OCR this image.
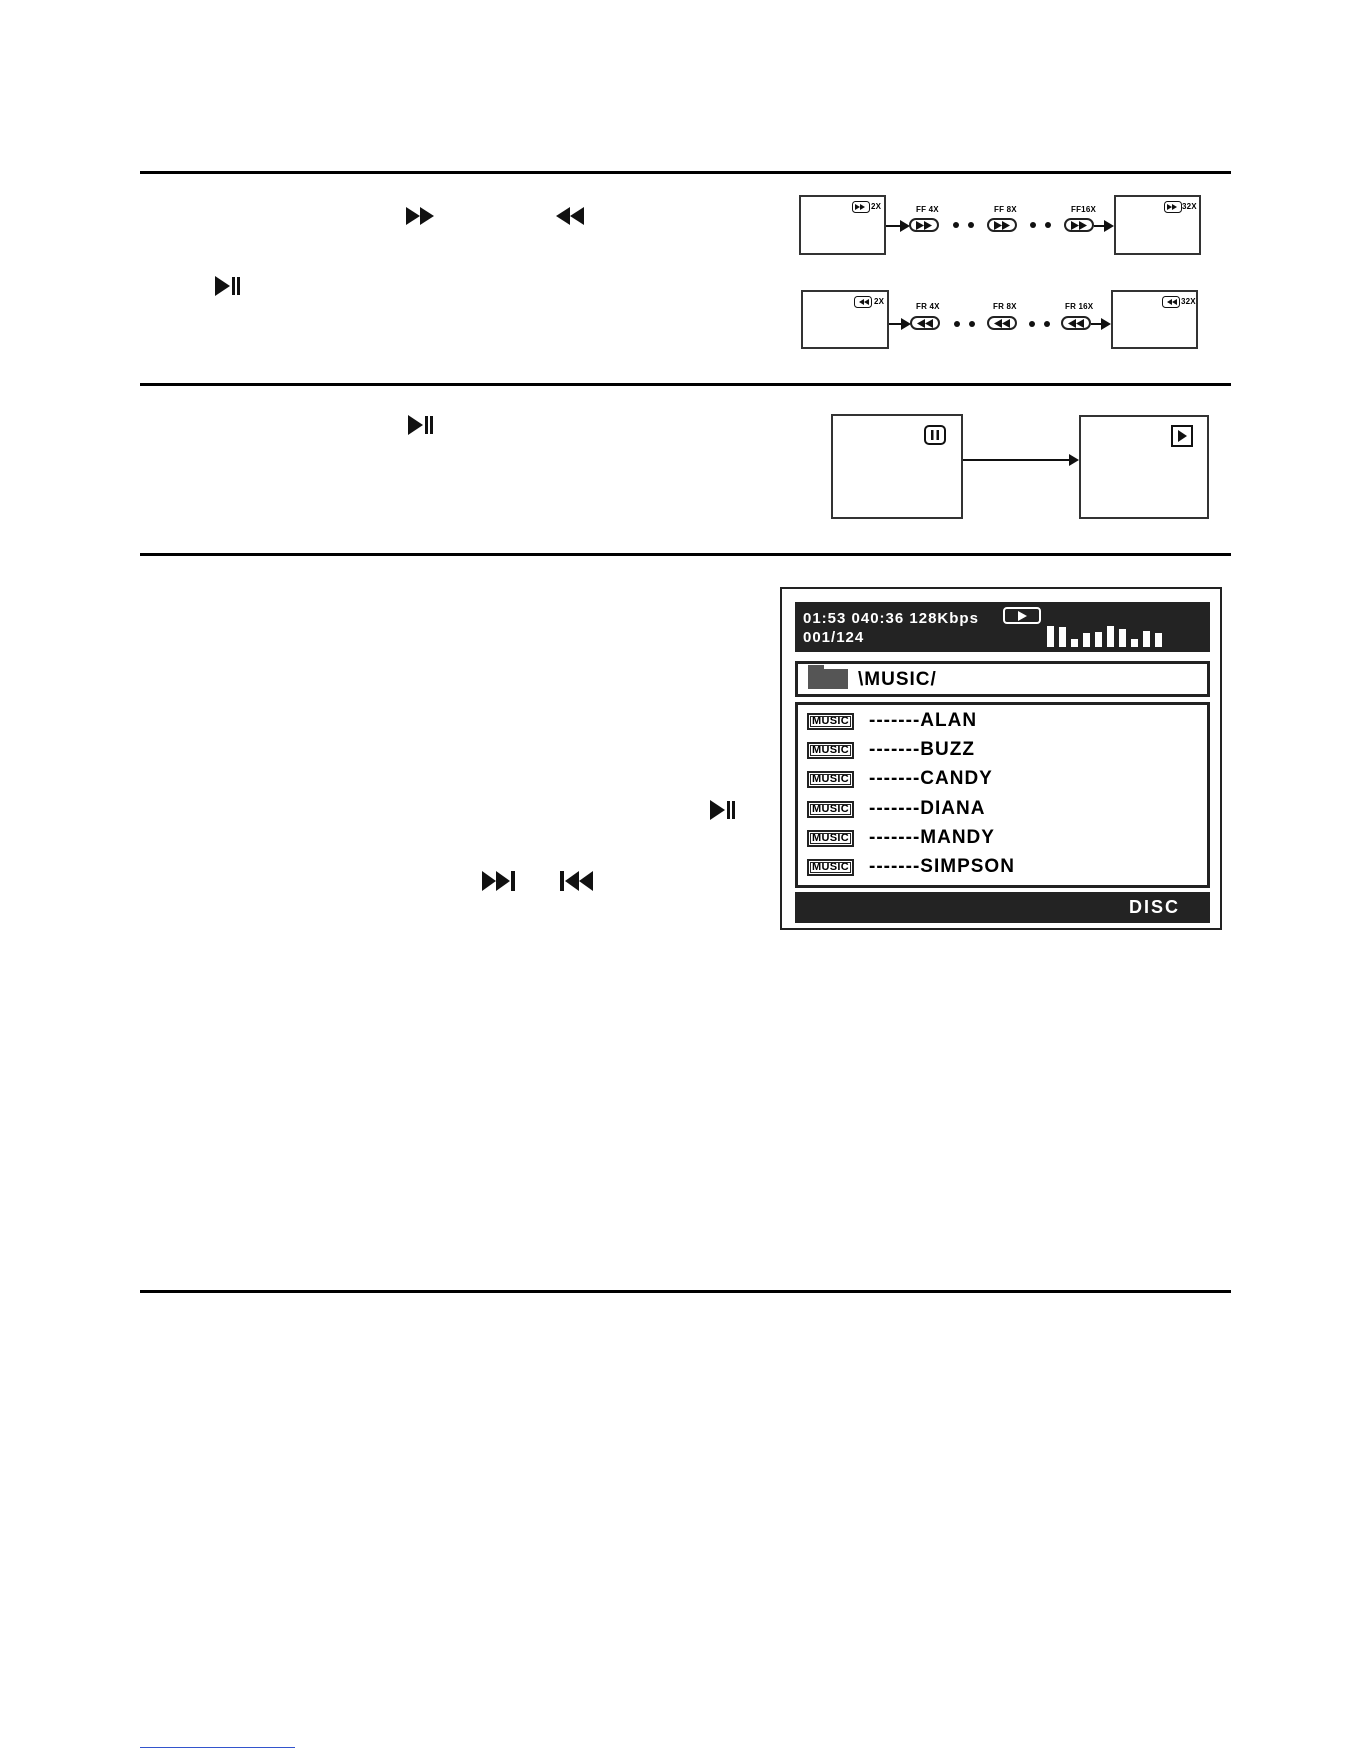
2X	FF 4X	FF 8X	FF16X	32X
2X
FR 4X	FR 8X	FR 16X
32X
01:53 040:36 128Kbps
001/124
\MUSIC/
MUSIC -------ALAN
MUSIC -------BUZZ
MUSIC -------CANDY
MUSIC -------DIANA
MUSIC -------MANDY
MUSIC -------SIMPSON
DISC
